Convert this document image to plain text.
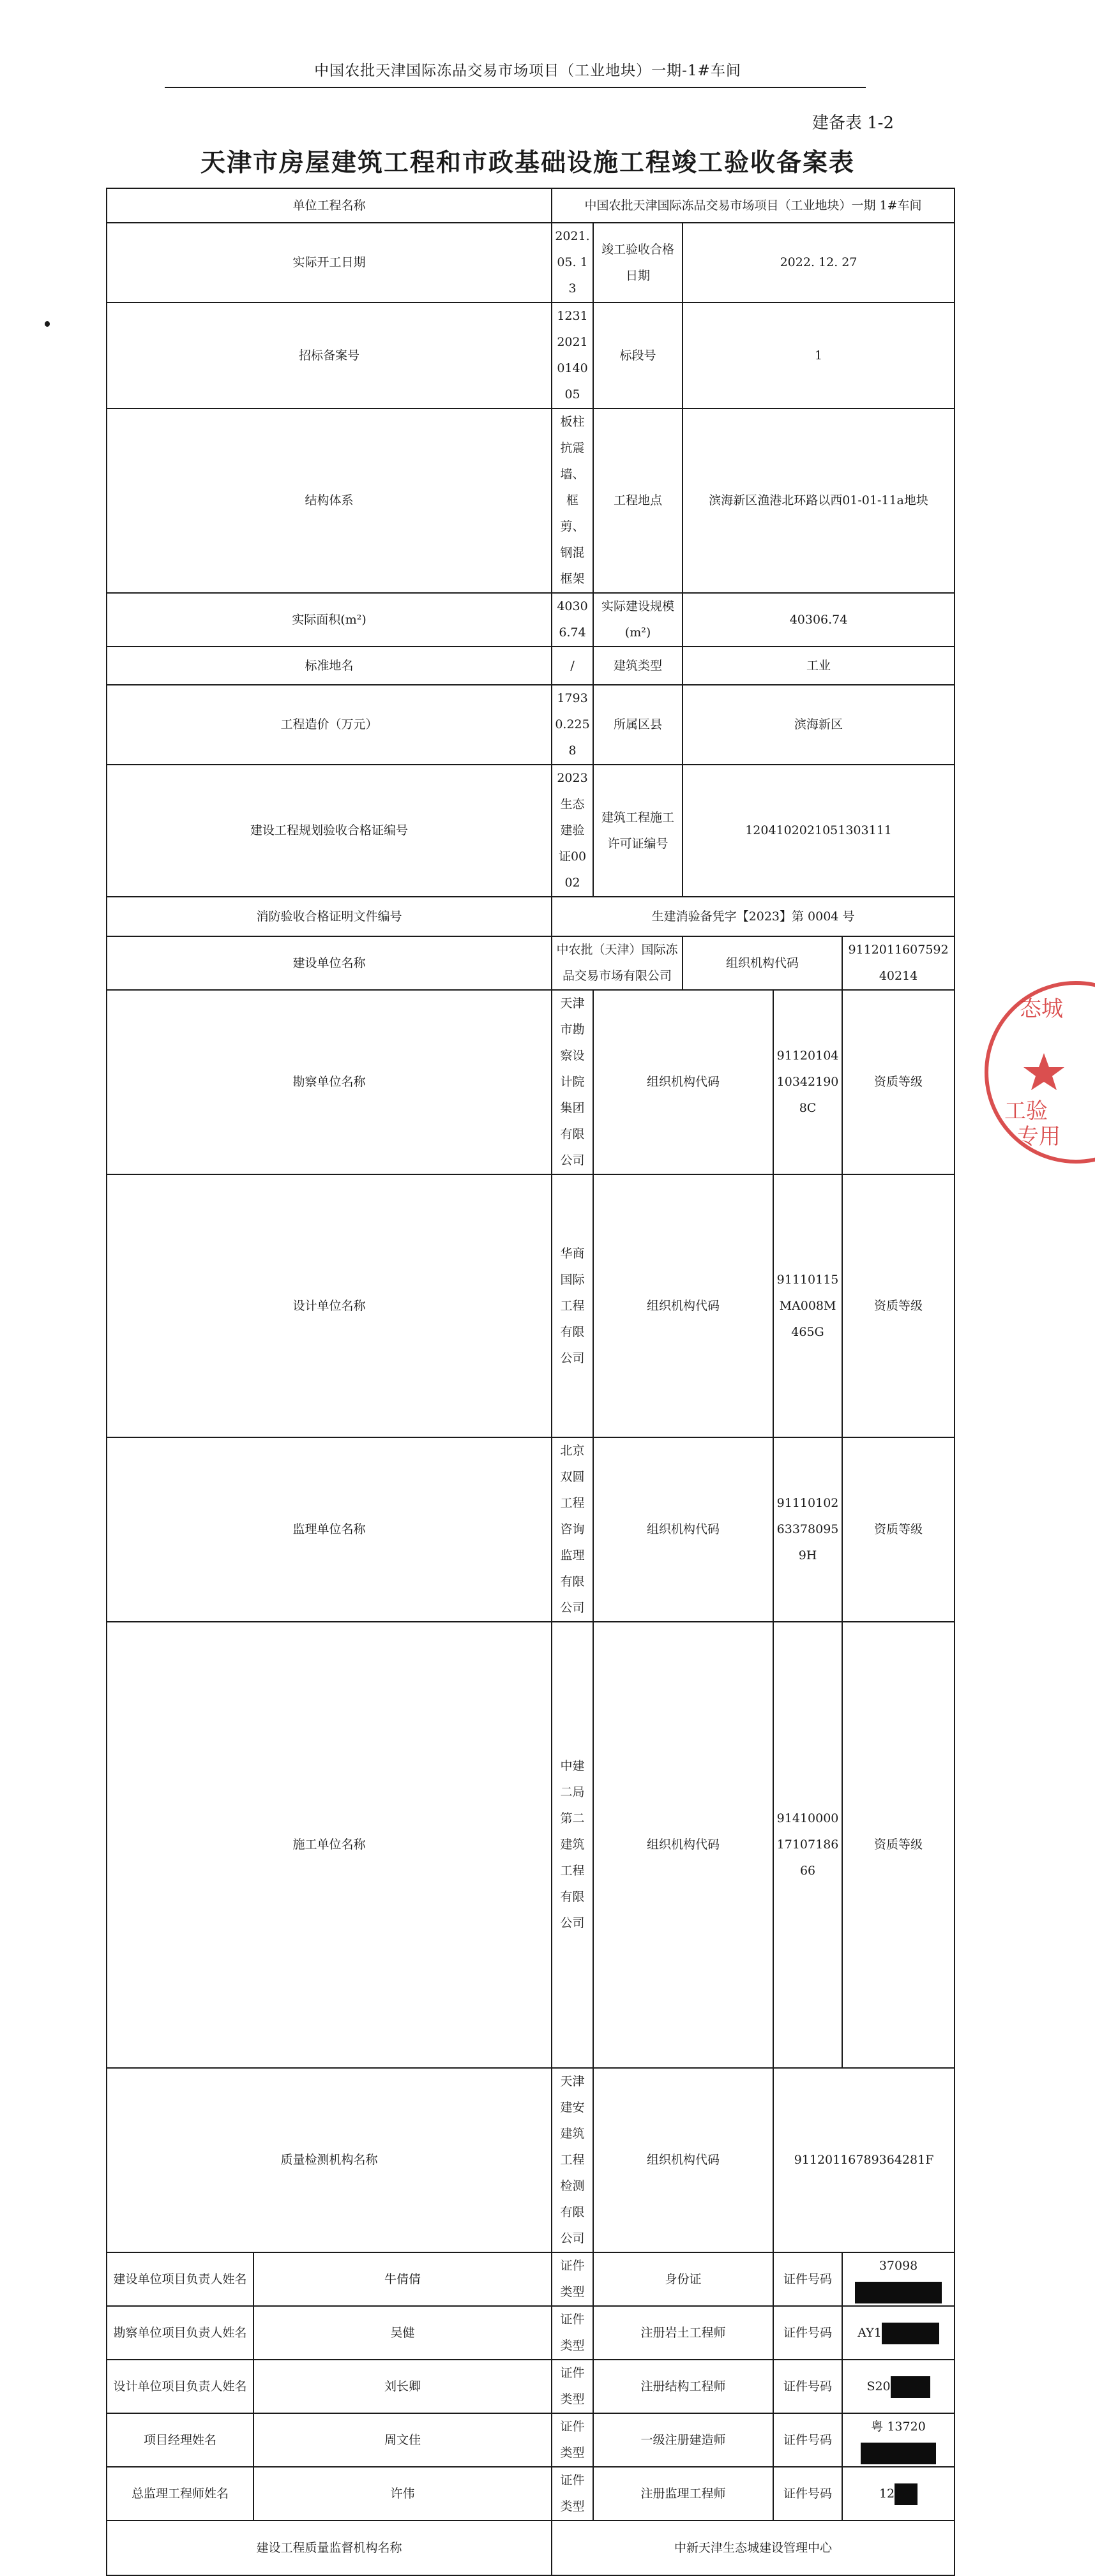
中国农批天津国际冻品交易市场项目（工业地块）一期-1#车间
建备表 1-2
天津市房屋建筑工程和市政基础设施工程竣工验收备案表
单位工程名称		中国农批天津国际冻品交易市场项目（工业地块）一期 1#车间					
实际开工日期		2021. 05. 13	竣工验收合格日期	2022. 12. 27			
招标备案号		12312021014005	标段号	1			
结构体系		板柱抗震墙、框剪、钢混框架	工程地点	滨海新区渔港北环路以西01-01-11a地块			
实际面积(m²)		40306.74	实际建设规模(m²)	40306.74			
标准地名		/	建筑类型	工业			
工程造价（万元）		17930.2258	所属区县	滨海新区			
建设工程规划验收合格证编号		2023生态建验证0002	建筑工程施工许可证编号	1204102021051303111			
消防验收合格证明文件编号		生建消验备凭字【2023】第 0004 号					
建设单位名称		中农批（天津）国际冻品交易市场有限公司		组织机构代码		911201160759240214	
勘察单位名称		天津市勘察设计院集团有限公司	组织机构代码		91120104103421908C	资质等级	
设计单位名称		华商国际工程有限公司	组织机构代码		91110115MA008M465G	资质等级	
监理单位名称		北京双圆工程咨询监理有限公司	组织机构代码		91110102633780959H	资质等级	
施工单位名称		中建二局第二建筑工程有限公司	组织机构代码		914100001710718666	资质等级	
质量检测机构名称		天津建安建筑工程检测有限公司	组织机构代码		91120116789364281F		
建设单位项目负责人姓名	牛倩倩	证件类型	身份证		证件号码	37098	
勘察单位项目负责人姓名	吴健	证件类型	注册岩土工程师		证件号码	AY1	
设计单位项目负责人姓名	刘长卿	证件类型	注册结构工程师		证件号码	S20	
项目经理姓名	周文佳	证件类型	一级注册建造师		证件号码	粤 13720	
总监理工程师姓名	许伟	证件类型	注册监理工程师		证件号码	12	
建设工程质量监督机构名称		中新天津生态城建设管理中心					
态城
工验
专用
